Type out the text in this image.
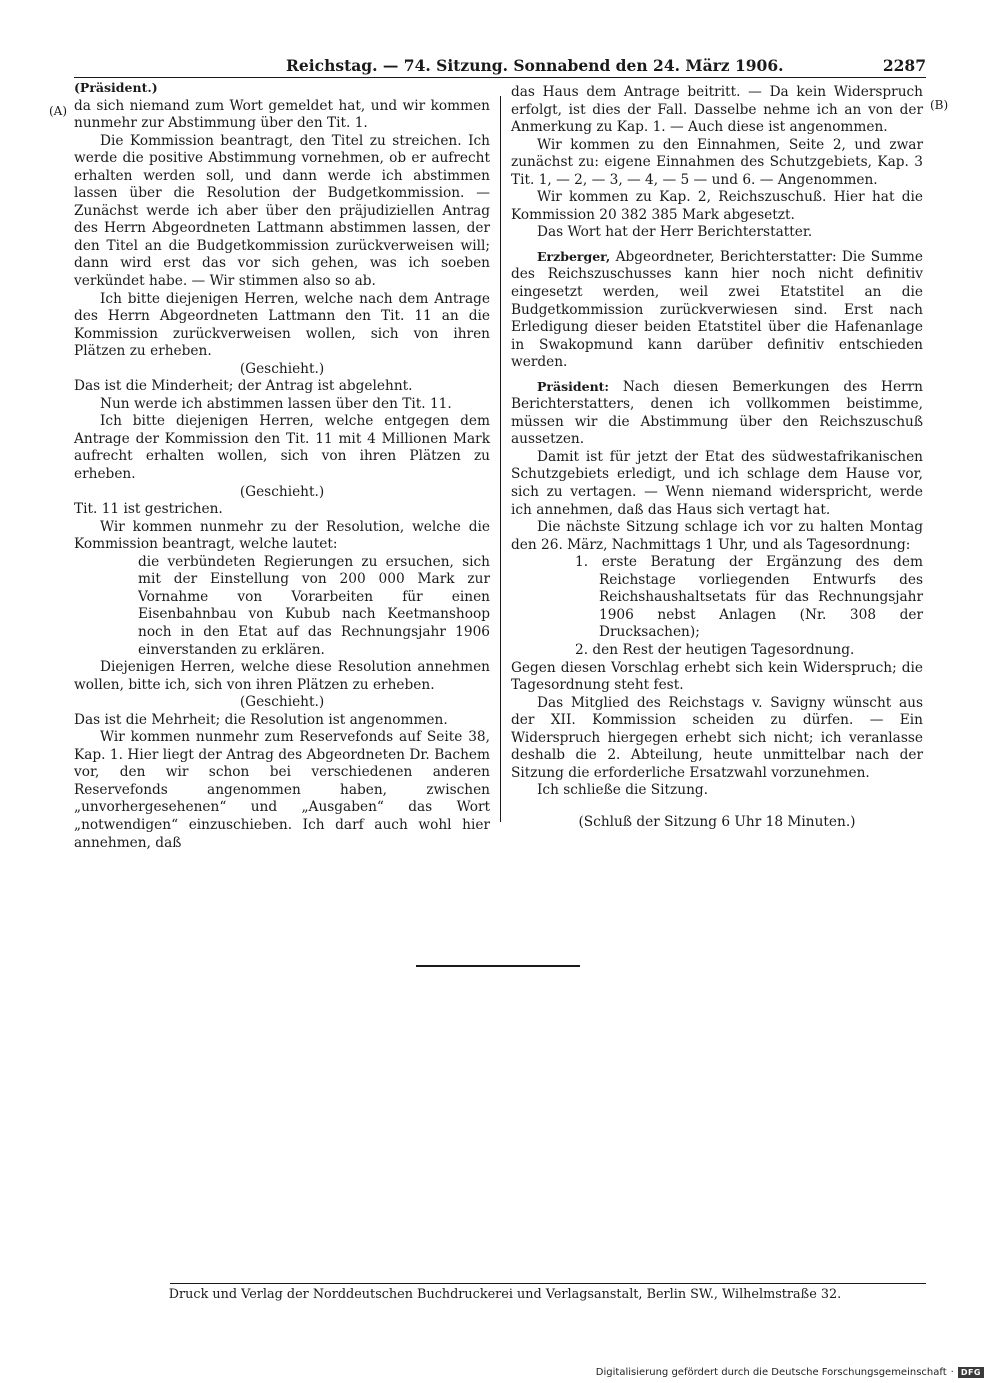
Reichstag. — 74. Sitzung. Sonnabend den 24. März 1906.	2287
(A)	(B)

(Präsident.)

da sich niemand zum Wort gemeldet hat, und wir kommen nunmehr zur Abstimmung über den Tit. 1.

Die Kommission beantragt, den Titel zu streichen. Ich werde die positive Abstimmung vornehmen, ob er aufrecht erhalten werden soll, und dann werde ich abstimmen lassen über die Resolution der Budgetkommission. — Zunächst werde ich aber über den präjudiziellen Antrag des Herrn Abgeordneten Lattmann abstimmen lassen, der den Titel an die Budgetkommission zurückverweisen will; dann wird erst das vor sich gehen, was ich soeben verkündet habe. — Wir stimmen also so ab.

Ich bitte diejenigen Herren, welche nach dem Antrage des Herrn Abgeordneten Lattmann den Tit. 11 an die Kommission zurückverweisen wollen, sich von ihren Plätzen zu erheben.

(Geschieht.)

Das ist die Minderheit; der Antrag ist abgelehnt.

Nun werde ich abstimmen lassen über den Tit. 11.

Ich bitte diejenigen Herren, welche entgegen dem Antrage der Kommission den Tit. 11 mit 4 Millionen Mark aufrecht erhalten wollen, sich von ihren Plätzen zu erheben.

(Geschieht.)

Tit. 11 ist gestrichen.

Wir kommen nunmehr zu der Resolution, welche die Kommission beantragt, welche lautet:

die verbündeten Regierungen zu ersuchen, sich mit der Einstellung von 200 000 Mark zur Vornahme von Vorarbeiten für einen Eisenbahnbau von Kubub nach Keetmanshoop noch in den Etat auf das Rechnungsjahr 1906 einverstanden zu erklären.

Diejenigen Herren, welche diese Resolution annehmen wollen, bitte ich, sich von ihren Plätzen zu erheben.

(Geschieht.)

Das ist die Mehrheit; die Resolution ist angenommen.

Wir kommen nunmehr zum Reservefonds auf Seite 38, Kap. 1. Hier liegt der Antrag des Abgeordneten Dr. Bachem vor, den wir schon bei verschiedenen anderen Reservefonds angenommen haben, zwischen „unvorhergesehenen“ und „Ausgaben“ das Wort „notwendigen“ einzuschieben. Ich darf auch wohl hier annehmen, daß

das Haus dem Antrage beitritt. — Da kein Widerspruch erfolgt, ist dies der Fall. Dasselbe nehme ich an von der Anmerkung zu Kap. 1. — Auch diese ist angenommen.

Wir kommen zu den Einnahmen, Seite 2, und zwar zunächst zu: eigene Einnahmen des Schutzgebiets, Kap. 3 Tit. 1, — 2, — 3, — 4, — 5 — und 6. — Angenommen.

Wir kommen zu Kap. 2, Reichszuschuß. Hier hat die Kommission 20 382 385 Mark abgesetzt.

Das Wort hat der Herr Berichterstatter.

Erzberger, Abgeordneter, Berichterstatter: Die Summe des Reichszuschusses kann hier noch nicht definitiv eingesetzt werden, weil zwei Etatstitel an die Budgetkommission zurückverwiesen sind. Erst nach Erledigung dieser beiden Etatstitel über die Hafenanlage in Swakopmund kann darüber definitiv entschieden werden.

Präsident: Nach diesen Bemerkungen des Herrn Berichterstatters, denen ich vollkommen beistimme, müssen wir die Abstimmung über den Reichszuschuß aussetzen.

Damit ist für jetzt der Etat des südwestafrikanischen Schutzgebiets erledigt, und ich schlage dem Hause vor, sich zu vertagen. — Wenn niemand widerspricht, werde ich annehmen, daß das Haus sich vertagt hat.

Die nächste Sitzung schlage ich vor zu halten Montag den 26. März, Nachmittags 1 Uhr, und als Tagesordnung:

1. erste Beratung der Ergänzung des dem Reichstage vorliegenden Entwurfs des Reichshaushaltsetats für das Rechnungsjahr 1906 nebst Anlagen (Nr. 308 der Drucksachen);
2. den Rest der heutigen Tagesordnung.

Gegen diesen Vorschlag erhebt sich kein Widerspruch; die Tagesordnung steht fest.

Das Mitglied des Reichstags v. Savigny wünscht aus der XII. Kommission scheiden zu dürfen. — Ein Widerspruch hiergegen erhebt sich nicht; ich veranlasse deshalb die 2. Abteilung, heute unmittelbar nach der Sitzung die erforderliche Ersatzwahl vorzunehmen.

Ich schließe die Sitzung.

(Schluß der Sitzung 6 Uhr 18 Minuten.)

Druck und Verlag der Norddeutschen Buchdruckerei und Verlagsanstalt, Berlin SW., Wilhelmstraße 32.
Digitalisierung gefördert durch die Deutsche Forschungsgemeinschaft · DFG
